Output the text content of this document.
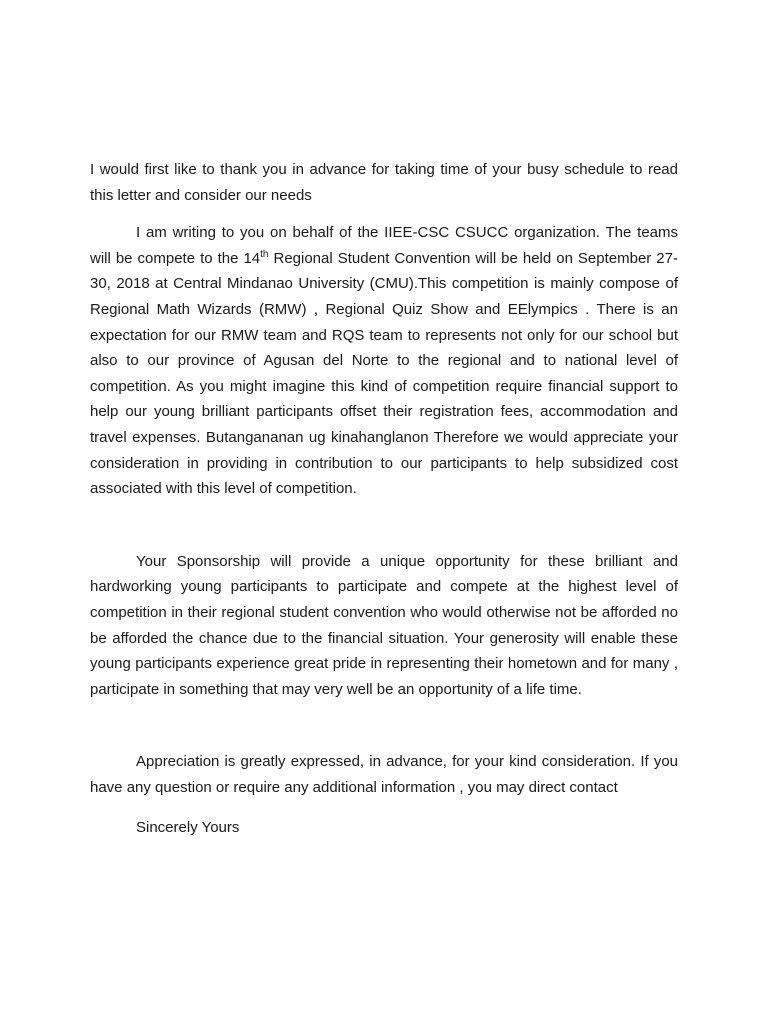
I would first like to thank you in advance for taking time of your busy schedule to read this letter and consider our needs

I am writing to you on behalf of the IIEE-CSC CSUCC organization. The teams will be compete to the 14th Regional Student Convention will be held on September 27-30, 2018 at Central Mindanao University (CMU).This competition is mainly compose of Regional Math Wizards (RMW) , Regional Quiz Show and EElympics . There is an expectation for our RMW team and RQS team to represents not only for our school but also to our province of Agusan del Norte to the regional and to national level of competition. As you might imagine this kind of competition require financial support to help our young brilliant participants offset their registration fees, accommodation and travel expenses. Butangananan ug kinahanglanon Therefore we would appreciate your consideration in providing in contribution to our participants to help subsidized cost associated with this level of competition.

Your Sponsorship will provide a unique opportunity for these brilliant and hardworking young participants to participate and compete at the highest level of competition in their regional student convention who would otherwise not be afforded no be afforded the chance due to the financial situation. Your generosity will enable these young participants experience great pride in representing their hometown and for many , participate in something that may very well be an opportunity of a life time.

Appreciation is greatly expressed, in advance, for your kind consideration. If you have any question or require any additional information , you may direct contact

Sincerely Yours
